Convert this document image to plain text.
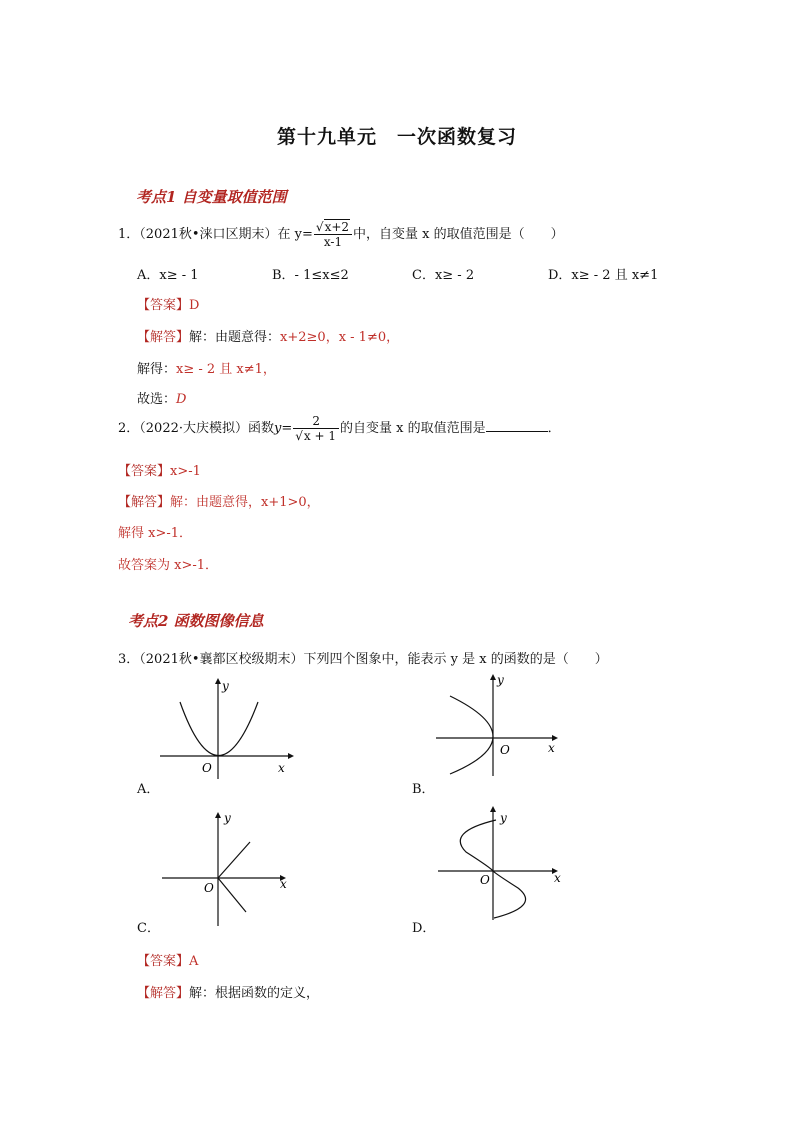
第十九单元　一次函数复习
考点1 自变量取值范围
1．（2021秋•涞口区期末）在 $y= \frac{√x+2}{x-1}$ 中，自变量 x 的取值范围是（　　）
A．x≥ - 1	B．- 1≤x≤2	C．x≥ - 2	D．x≥ - 2 且 x≠1
【答案】D
【解答】解：由题意得：x+2≥0，x - 1≠0，
解得：x≥ - 2 且 x≠1，
故选：D
2．（2022·大庆模拟）函数$y= \frac{2}{√x + 1}$ 的自变量 x 的取值范围是	．
【答案】x>-1
【解答】解：由题意得，x+1>0，
解得 x>-1．
故答案为 x>-1．
考点2 函数图像信息
3．（2021秋•襄都区校级期末）下列四个图象中，能表示 y 是 x 的函数的是（　　）
y
x
O
A．
y
x
O
B．
y
x
O
C．
y
x
O
D．
【答案】A
【解答】解：根据函数的定义，
